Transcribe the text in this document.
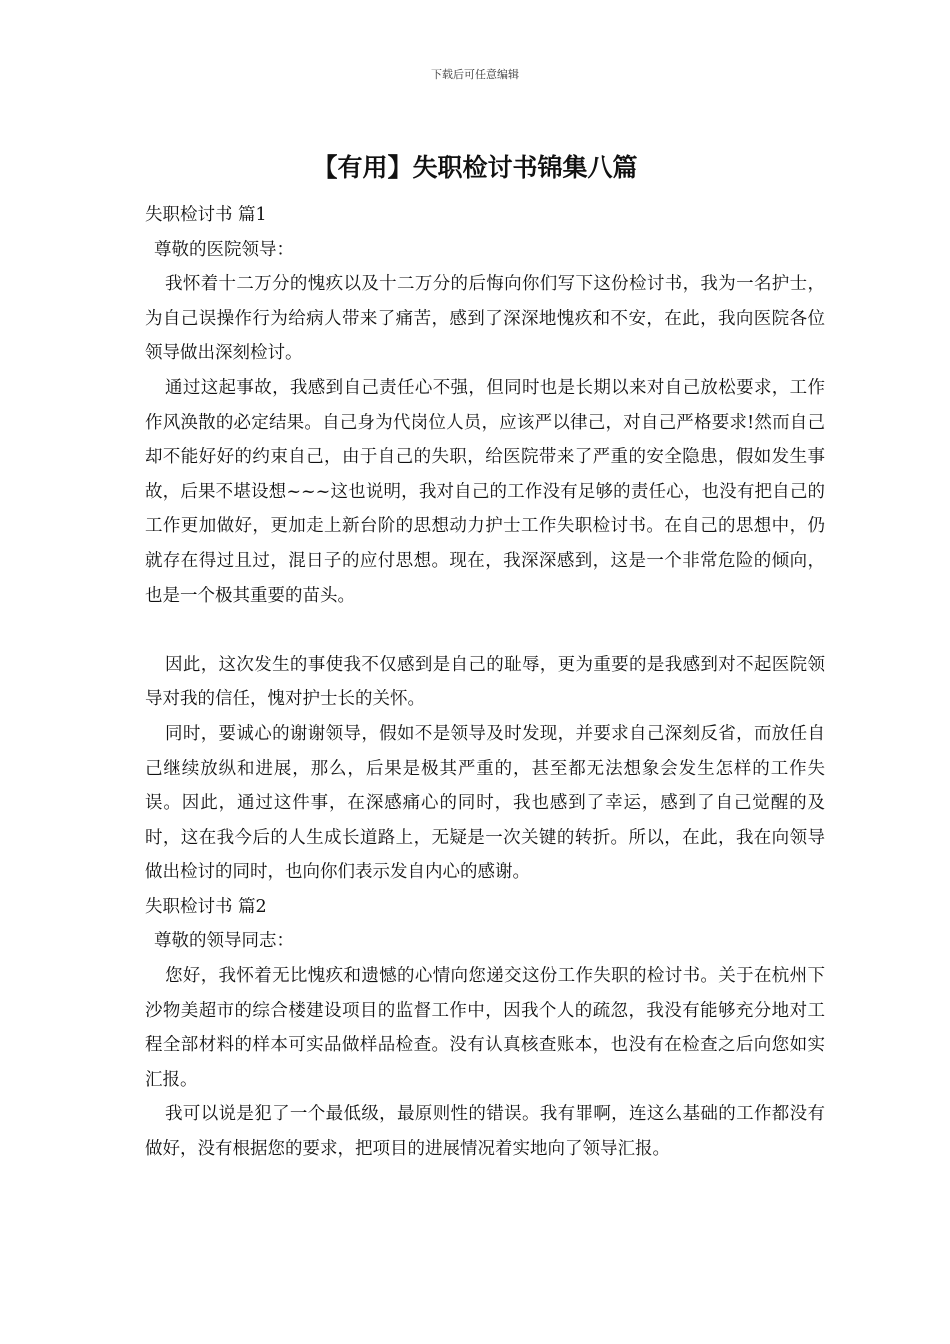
下载后可任意编辑
【有用】失职检讨书锦集八篇

失职检讨书 篇1

尊敬的医院领导：

我怀着十二万分的愧疚以及十二万分的后悔向你们写下这份检讨书，我为一名护士，为自己误操作行为给病人带来了痛苦，感到了深深地愧疚和不安，在此，我向医院各位领导做出深刻检讨。

通过这起事故，我感到自己责任心不强，但同时也是长期以来对自己放松要求，工作作风涣散的必定结果。自己身为代岗位人员，应该严以律己，对自己严格要求!然而自己却不能好好的约束自己，由于自己的失职，给医院带来了严重的安全隐患，假如发生事故，后果不堪设想~~~这也说明，我对自己的工作没有足够的责任心，也没有把自己的工作更加做好，更加走上新台阶的思想动力护士工作失职检讨书。在自己的思想中，仍就存在得过且过，混日子的应付思想。现在，我深深感到，这是一个非常危险的倾向，也是一个极其重要的苗头。

因此，这次发生的事使我不仅感到是自己的耻辱，更为重要的是我感到对不起医院领导对我的信任，愧对护士长的关怀。

同时，要诚心的谢谢领导，假如不是领导及时发现，并要求自己深刻反省，而放任自己继续放纵和进展，那么，后果是极其严重的，甚至都无法想象会发生怎样的工作失误。因此，通过这件事，在深感痛心的同时，我也感到了幸运，感到了自己觉醒的及时，这在我今后的人生成长道路上，无疑是一次关键的转折。所以，在此，我在向领导做出检讨的同时，也向你们表示发自内心的感谢。

失职检讨书 篇2

尊敬的领导同志：

您好，我怀着无比愧疚和遗憾的心情向您递交这份工作失职的检讨书。关于在杭州下沙物美超市的综合楼建设项目的监督工作中，因我个人的疏忽，我没有能够充分地对工程全部材料的样本可实品做样品检查。没有认真核查账本，也没有在检查之后向您如实汇报。

我可以说是犯了一个最低级，最原则性的错误。我有罪啊，连这么基础的工作都没有做好，没有根据您的要求，把项目的进展情况着实地向了领导汇报。
